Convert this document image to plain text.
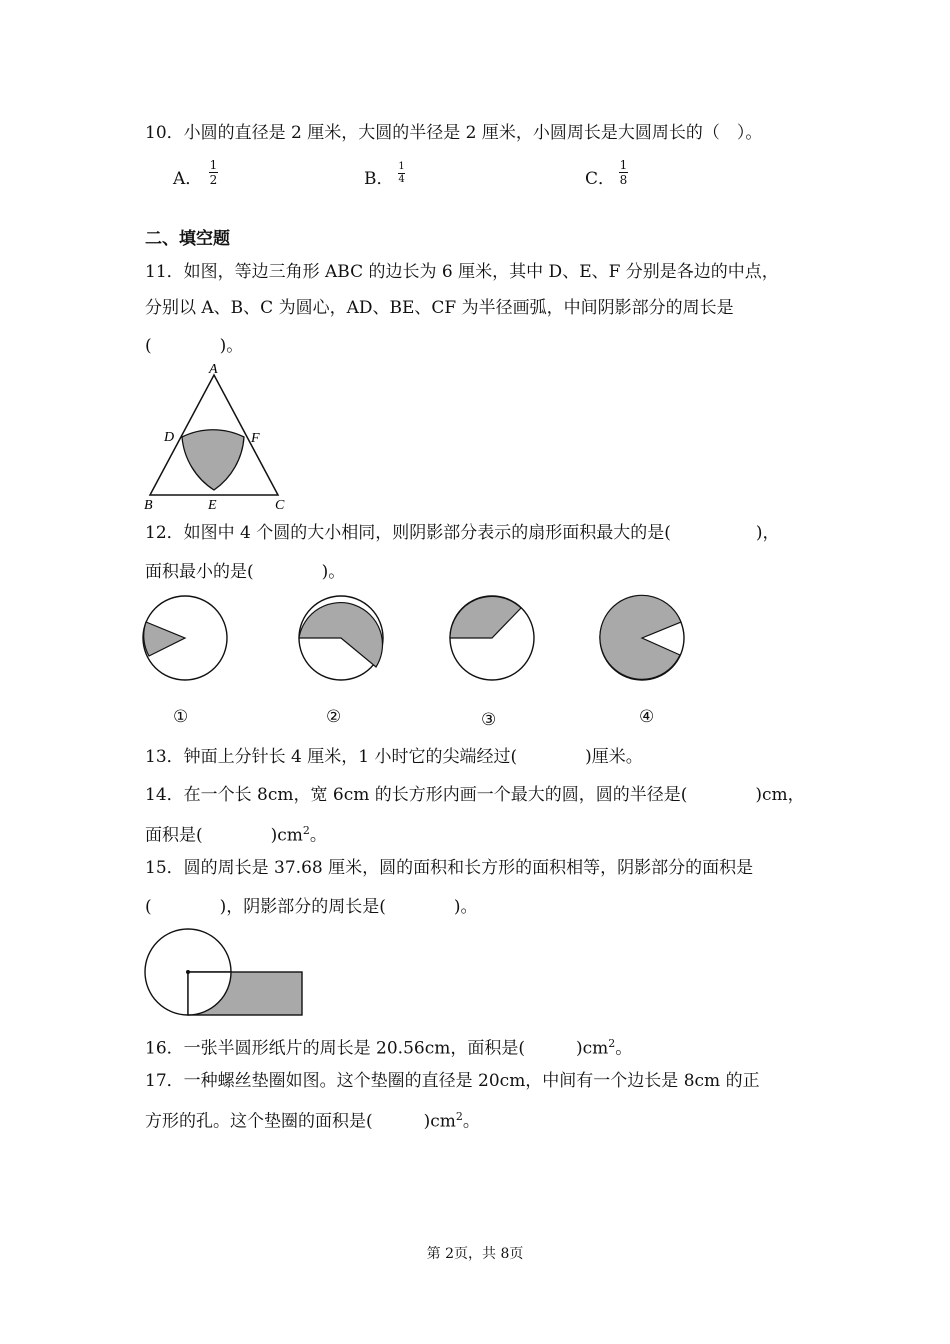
10．小圆的直径是 2 厘米，大圆的半径是 2 厘米，小圆周长是大圆周长的（　）。
A．
1
2	B．
1
4	C．
1
8
二、填空题
11．如图，等边三角形 ABC 的边长为 6 厘米，其中 D、E、F 分别是各边的中点，
分别以 A、B、C 为圆心，AD、BE、CF 为半径画弧，中间阴影部分的周长是
(　　　　)。
A
D	F
B	E	C
12．如图中 4 个圆的大小相同，则阴影部分表示的扇形面积最大的是(　　　　　)，
面积最小的是(　　　　)。
①	②	③	④
13．钟面上分针长 4 厘米，1 小时它的尖端经过(　　　　)厘米。
14．在一个长 8cm，宽 6cm 的长方形内画一个最大的圆，圆的半径是(　　　　)cm，
面积是(　　　　)$cm^2$。
15．圆的周长是 37.68 厘米，圆的面积和长方形的面积相等，阴影部分的面积是
(　　　　)，阴影部分的周长是(　　　　)。
16．一张半圆形纸片的周长是 20.56cm，面积是(　　　)$cm^2$。
17．一种螺丝垫圈如图。这个垫圈的直径是 20cm，中间有一个边长是 8cm 的正
方形的孔。这个垫圈的面积是(　　　)$cm^2$。
第 2页，共 8页
